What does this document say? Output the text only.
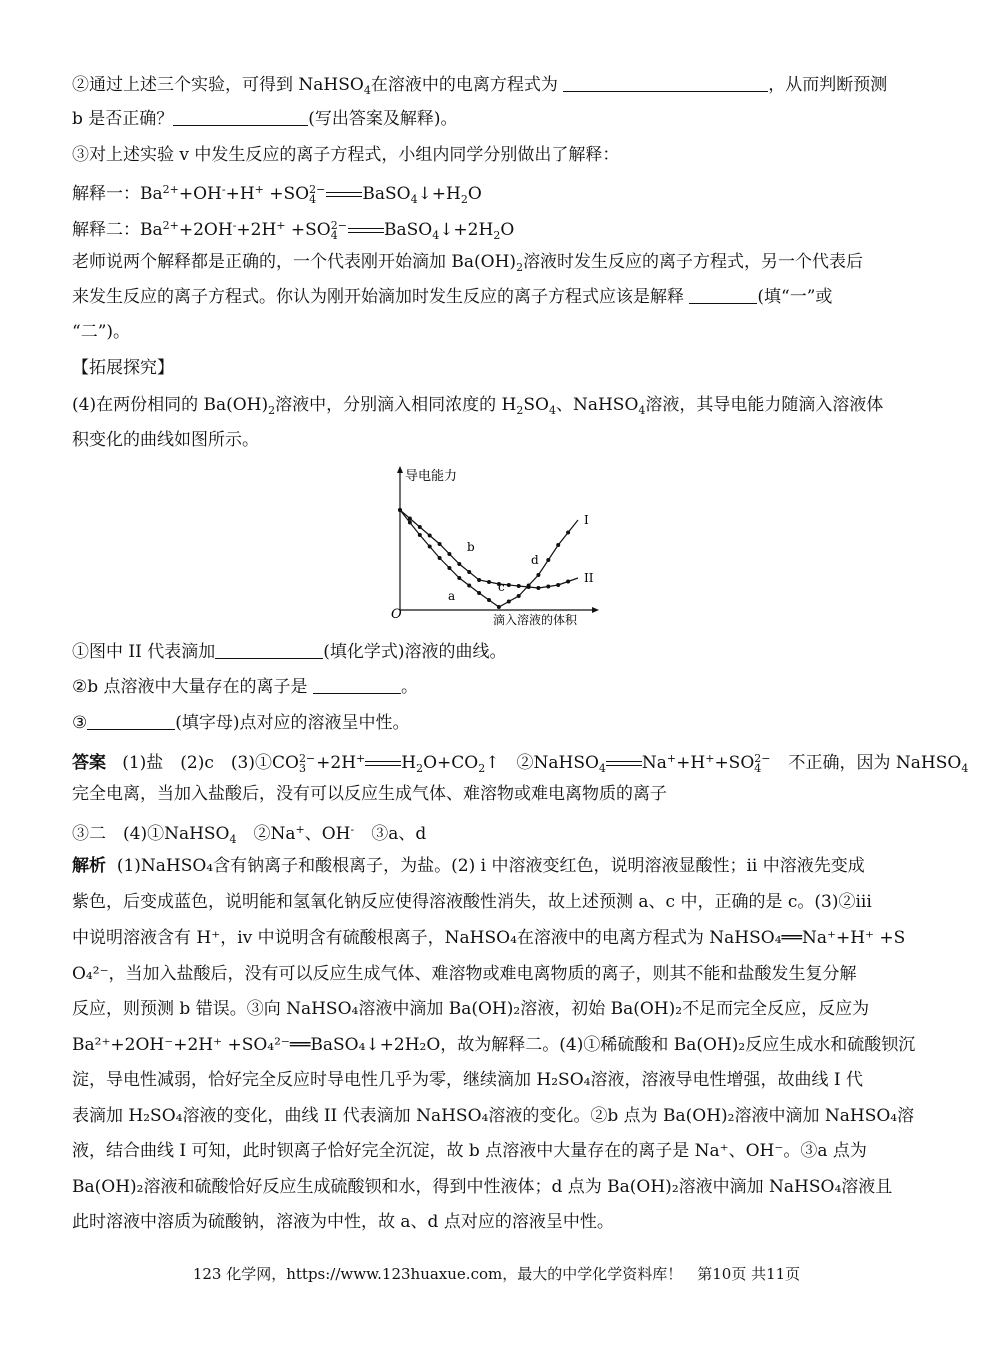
②通过上述三个实验，可得到 NaHSO$_4$在溶液中的电离方程式为	，从而判断预测
b 是否正确？	(写出答案及解释)。
③对上述实验 v 中发生反应的离子方程式，小组内同学分别做出了解释：
解释一：$Ba^{2+}+OH^-+H^+ +SO$ 2−
4	$BaSO_4↓+H_2O$
解释二：$Ba^{2+}+2OH^-+2H^+ +SO$ 2−
4	$BaSO_4↓+2H_2O$
老师说两个解释都是正确的，一个代表刚开始滴加 $Ba(OH)_2$溶液时发生反应的离子方程式，另一个代表后
来发生反应的离子方程式。你认为刚开始滴加时发生反应的离子方程式应该是解释	(填“一”或
“二”)。
【拓展探究】
(4)在两份相同的 $Ba(OH)_2$溶液中，分别滴入相同浓度的 $H_2SO_4$、NaHSO$_4$溶液，其导电能力随滴入溶液体
积变化的曲线如图所示。
导电能力
滴入溶液的体积
O
I
II
a
b
c
d
①图中 II 代表滴加	(填化学式)溶液的曲线。
②b 点溶液中大量存在的离子是	。
③	(填字母)点对应的溶液呈中性。
答案 (1)盐　(2)c　(3)①CO 2−
3 +2H+ $H_2O+CO_2↑$　②NaHSO$_4$ Na++H++SO 2−
4 　不正确，因为 NaHSO$_4$
完全电离，当加入盐酸后，没有可以反应生成气体、难溶物或难电离物质的离子
③二　(4)①NaHSO$_4$　②Na+、OH-　③a、d
解析 (1)NaHSO₄含有钠离子和酸根离子，为盐。(2) i 中溶液变红色，说明溶液显酸性；ii 中溶液先变成
紫色，后变成蓝色，说明能和氢氧化钠反应使得溶液酸性消失，故上述预测 a、c 中，正确的是 c。(3)②iii
中说明溶液含有 H⁺，iv 中说明含有硫酸根离子，NaHSO₄在溶液中的电离方程式为 NaHSO₄══Na⁺+H⁺ +S
O₄²⁻，当加入盐酸后，没有可以反应生成气体、难溶物或难电离物质的离子，则其不能和盐酸发生复分解
反应，则预测 b 错误。③向 NaHSO₄溶液中滴加 Ba(OH)₂溶液，初始 Ba(OH)₂不足而完全反应，反应为
Ba²⁺+2OH⁻+2H⁺ +SO₄²⁻══BaSO₄↓+2H₂O，故为解释二。(4)①稀硫酸和 Ba(OH)₂反应生成水和硫酸钡沉
淀，导电性减弱，恰好完全反应时导电性几乎为零，继续滴加 H₂SO₄溶液，溶液导电性增强，故曲线 I 代
表滴加 H₂SO₄溶液的变化，曲线 II 代表滴加 NaHSO₄溶液的变化。②b 点为 Ba(OH)₂溶液中滴加 NaHSO₄溶
液，结合曲线 I 可知，此时钡离子恰好完全沉淀，故 b 点溶液中大量存在的离子是 Na⁺、OH⁻。③a 点为
Ba(OH)₂溶液和硫酸恰好反应生成硫酸钡和水，得到中性液体；d 点为 Ba(OH)₂溶液中滴加 NaHSO₄溶液且
此时溶液中溶质为硫酸钠，溶液为中性，故 a、d 点对应的溶液呈中性。
123 化学网，https://www.123huaxue.com，最大的中学化学资料库！　第10页 共11页
